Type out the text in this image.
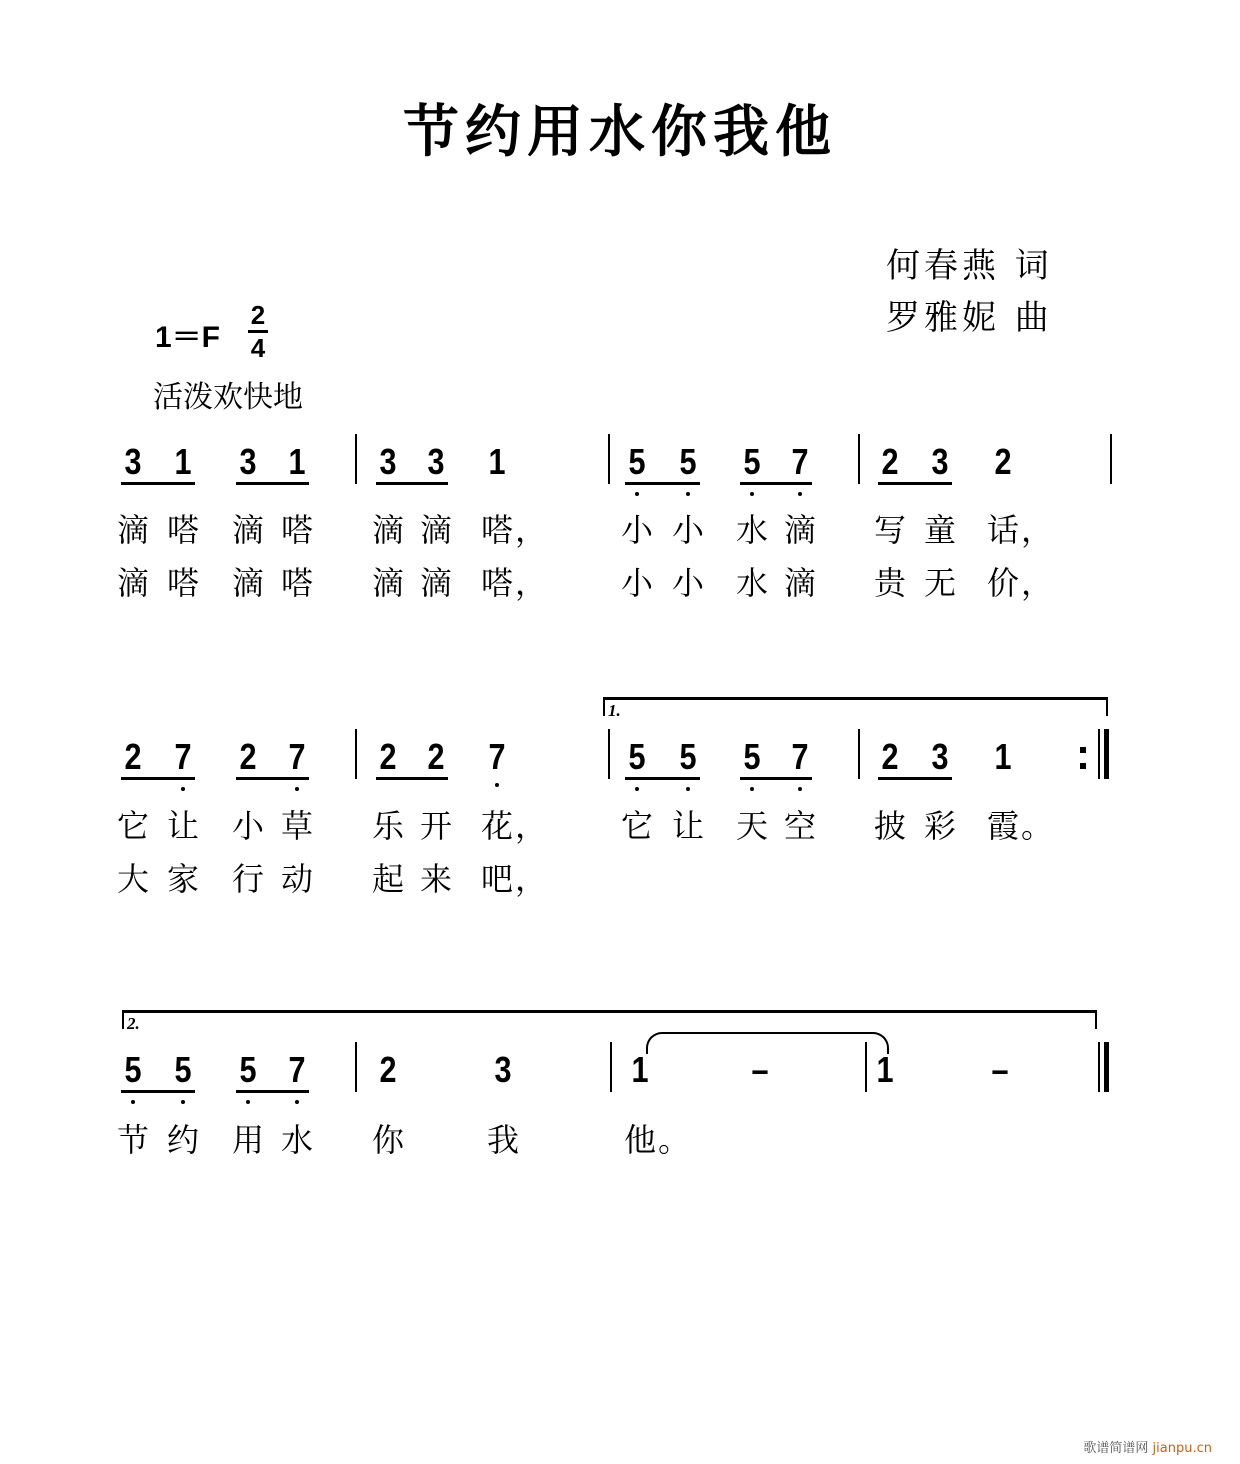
节约用水你我他
何春燕 词
罗雅妮 曲
1＝F
2
4
活泼欢快地
3 1 3 1 3 3 1	5 5 5 7 2 3 2
滴 嗒 滴 嗒 滴 滴 嗒 ， 小 小 水 滴 写 童 话 ，
滴 嗒 滴 嗒 滴 滴 嗒 ， 小 小 水 滴 贵 无 价 ，
2 7 2 7 2 2 7	5 5 5 7 2 3 1
1.
它 让 小 草 乐 开 花 ， 它 让 天 空 披 彩 霞 。
大 家 行 动 起 来 吧 ，
5 5 5 7 2	3	1	–	1	–
2.
节 约 用 水 你	我	他 。
歌谱简谱网 jianpu.cn
